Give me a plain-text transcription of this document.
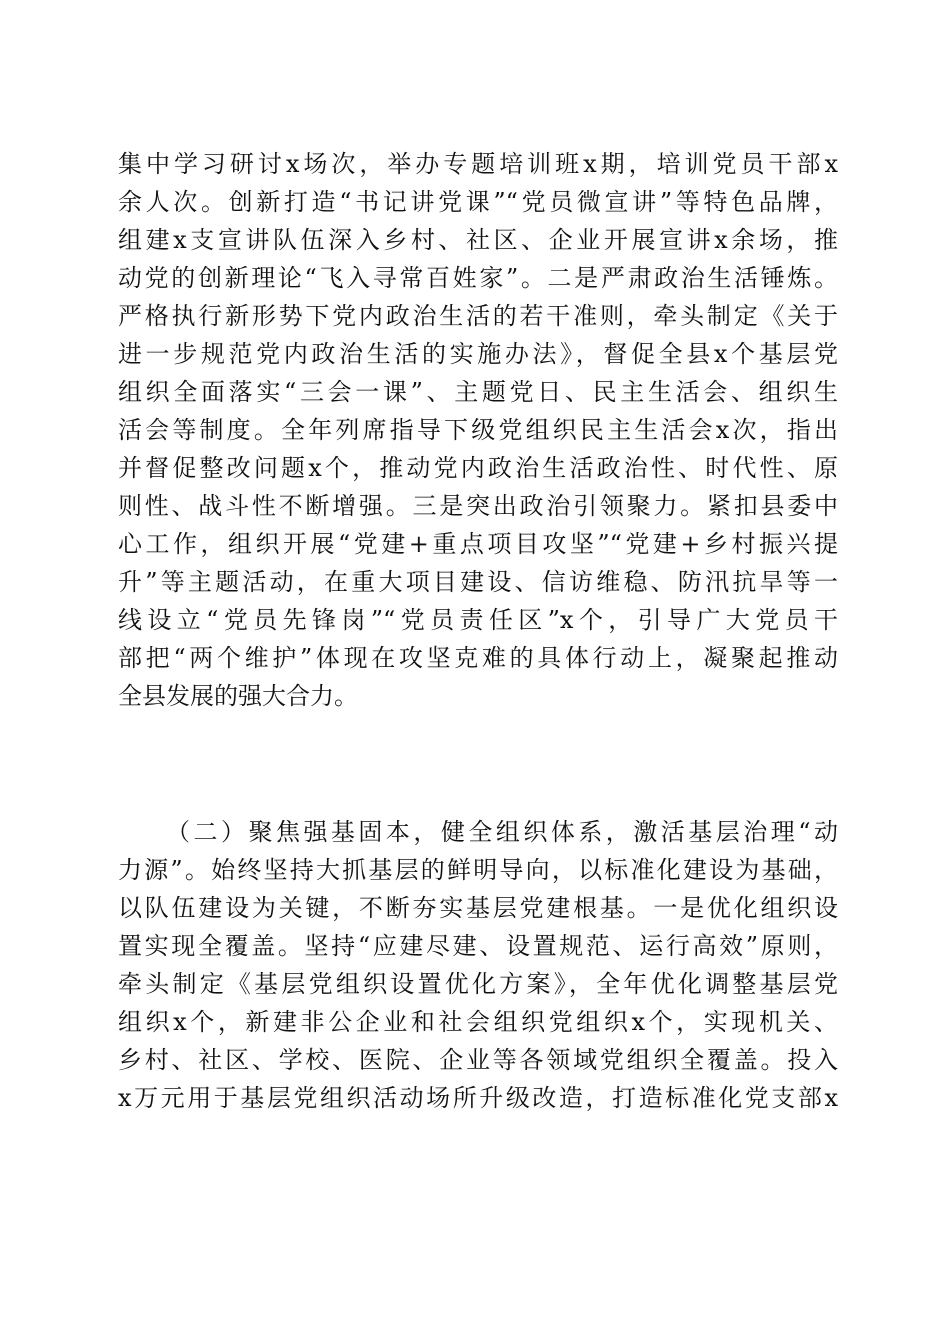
集中学习研讨x场次，举办专题培训班x期，培训党员干部x
余人次。创新打造“书记讲党课”“党员微宣讲”等特色品牌，
组建x支宣讲队伍深入乡村、社区、企业开展宣讲x余场，推
动党的创新理论“飞入寻常百姓家”。二是严肃政治生活锤炼。
严格执行新形势下党内政治生活的若干准则，牵头制定《关于
进一步规范党内政治生活的实施办法》，督促全县x个基层党
组织全面落实“三会一课”、主题党日、民主生活会、组织生
活会等制度。全年列席指导下级党组织民主生活会x次，指出
并督促整改问题x个，推动党内政治生活政治性、时代性、原
则性、战斗性不断增强。三是突出政治引领聚力。紧扣县委中
心工作，组织开展“党建+重点项目攻坚”“党建+乡村振兴提
升”等主题活动，在重大项目建设、信访维稳、防汛抗旱等一
线设立“党员先锋岗”“党员责任区”x个，引导广大党员干
部把“两个维护”体现在攻坚克难的具体行动上，凝聚起推动
全县发展的强大合力。
（二）聚焦强基固本，健全组织体系，激活基层治理“动
力源”。始终坚持大抓基层的鲜明导向，以标准化建设为基础，
以队伍建设为关键，不断夯实基层党建根基。一是优化组织设
置实现全覆盖。坚持“应建尽建、设置规范、运行高效”原则，
牵头制定《基层党组织设置优化方案》，全年优化调整基层党
组织x个，新建非公企业和社会组织党组织x个，实现机关、
乡村、社区、学校、医院、企业等各领域党组织全覆盖。投入
x万元用于基层党组织活动场所升级改造，打造标准化党支部x
